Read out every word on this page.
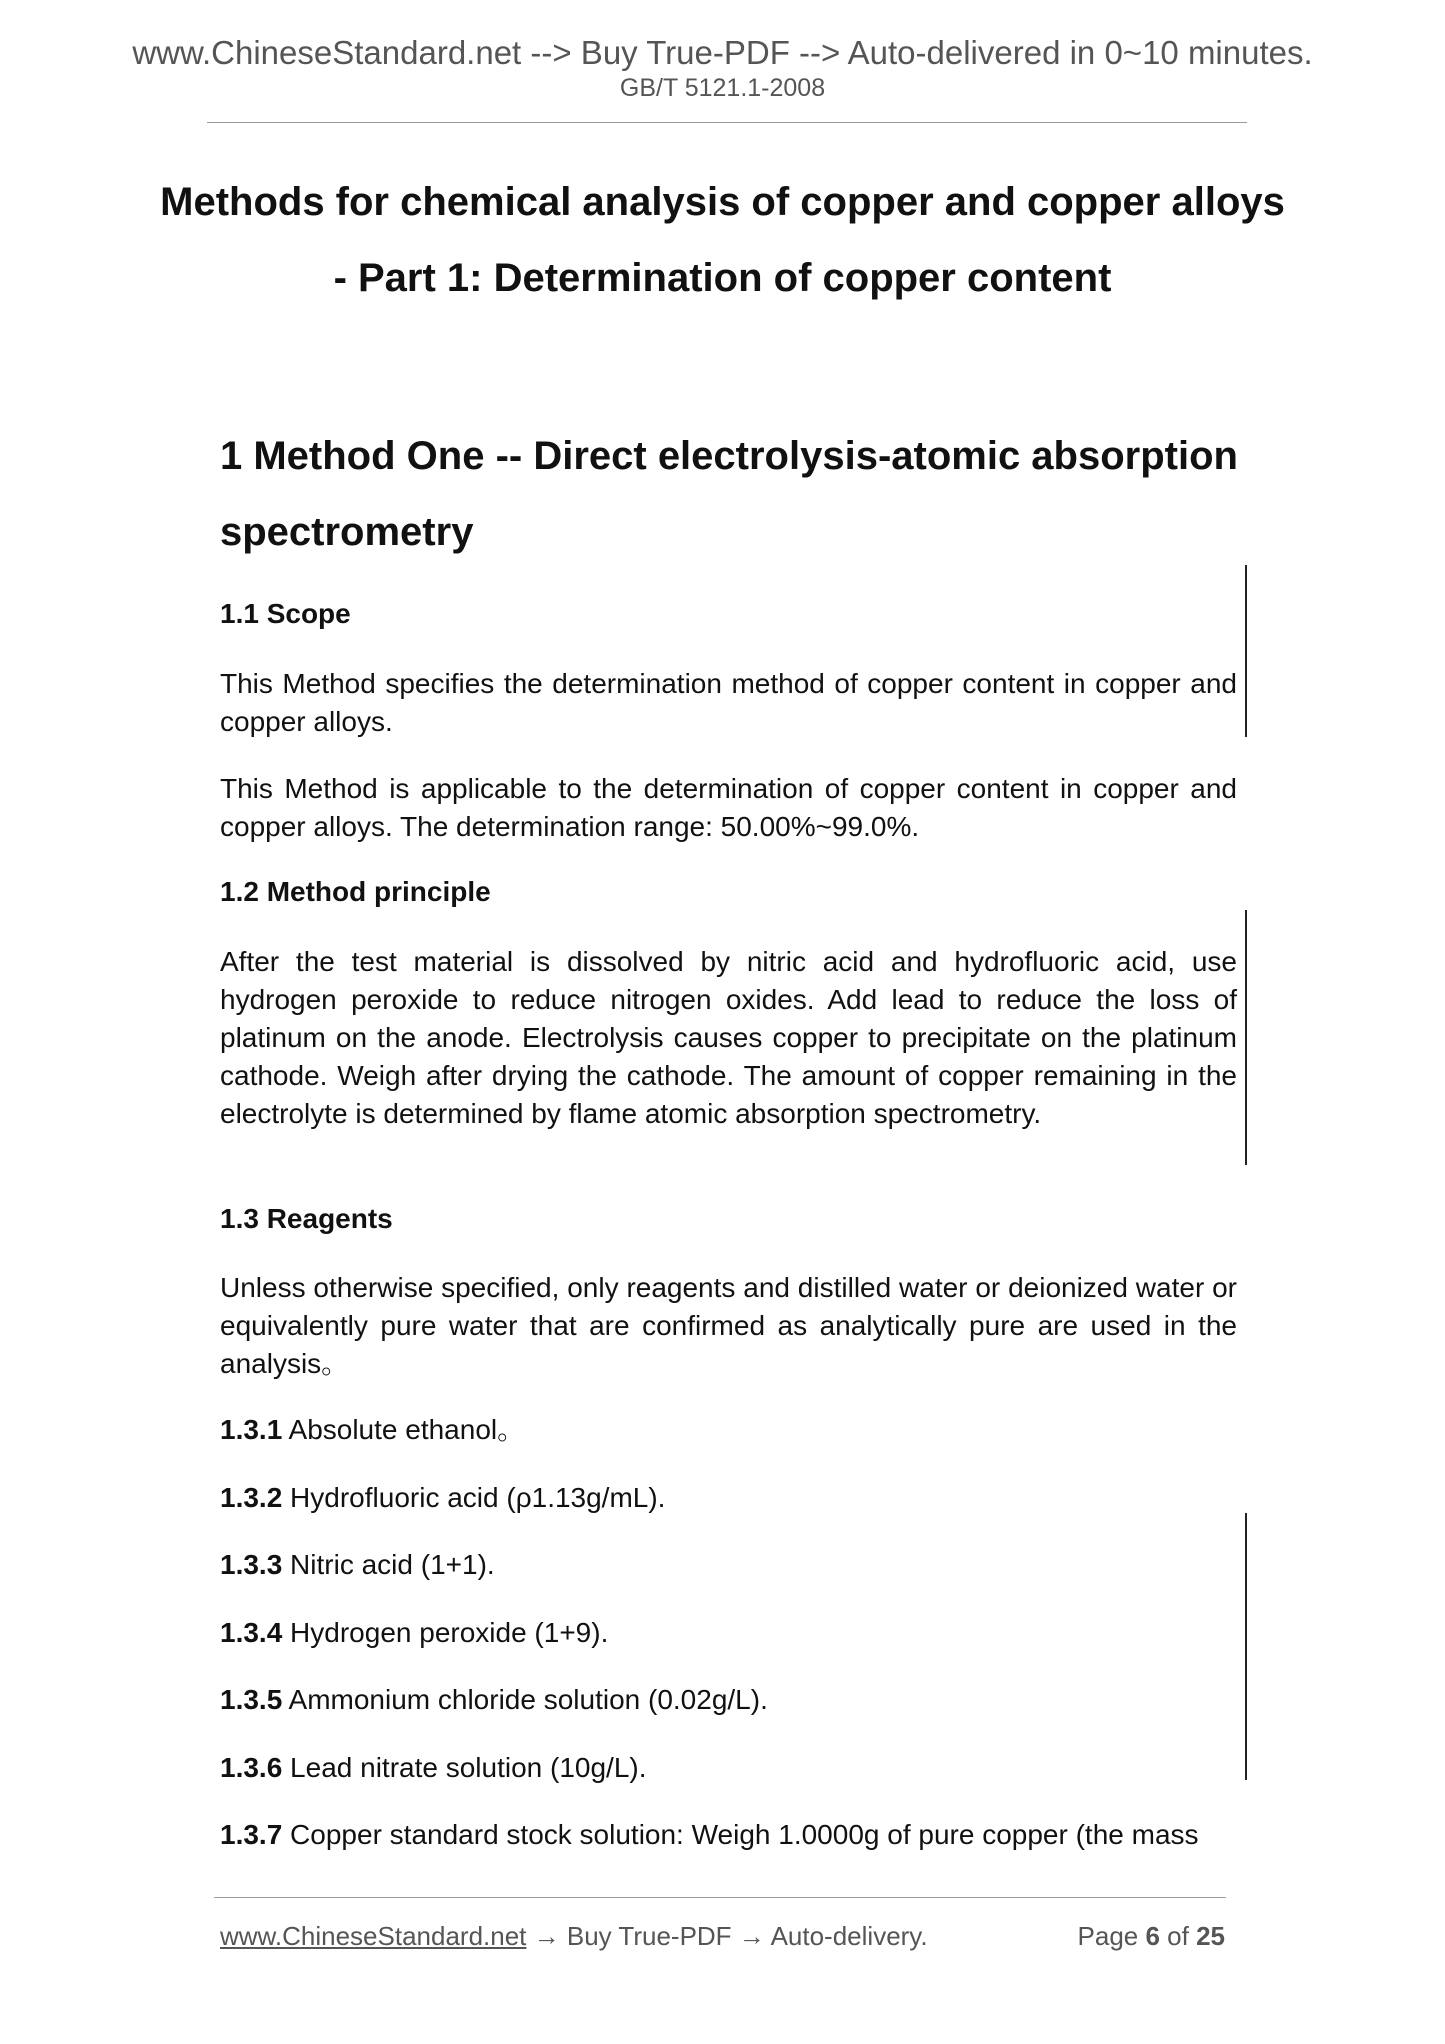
www.ChineseStandard.net --> Buy True-PDF --> Auto-delivered in 0~10 minutes.
GB/T 5121.1-2008
Methods for chemical analysis of copper and copper alloys - Part 1: Determination of copper content
1 Method One -- Direct electrolysis-atomic absorption spectrometry
1.1 Scope

This Method specifies the determination method of copper content in copper and copper alloys.

This Method is applicable to the determination of copper content in copper and copper alloys. The determination range: 50.00%~99.0%.

1.2 Method principle

After the test material is dissolved by nitric acid and hydrofluoric acid, use hydrogen peroxide to reduce nitrogen oxides. Add lead to reduce the loss of platinum on the anode. Electrolysis causes copper to precipitate on the platinum cathode. Weigh after drying the cathode. The amount of copper remaining in the electrolyte is determined by flame atomic absorption spectrometry.

1.3 Reagents

Unless otherwise specified, only reagents and distilled water or deionized water or equivalently pure water that are confirmed as analytically pure are used in the analysis。

1.3.1 Absolute ethanol。

1.3.2 Hydrofluoric acid (ρ1.13g/mL).

1.3.3 Nitric acid (1+1).

1.3.4 Hydrogen peroxide (1+9).

1.3.5 Ammonium chloride solution (0.02g/L).

1.3.6 Lead nitrate solution (10g/L).

1.3.7 Copper standard stock solution: Weigh 1.0000g of pure copper (the mass

www.ChineseStandard.net → Buy True-PDF → Auto-delivery.	Page 6 of 25
